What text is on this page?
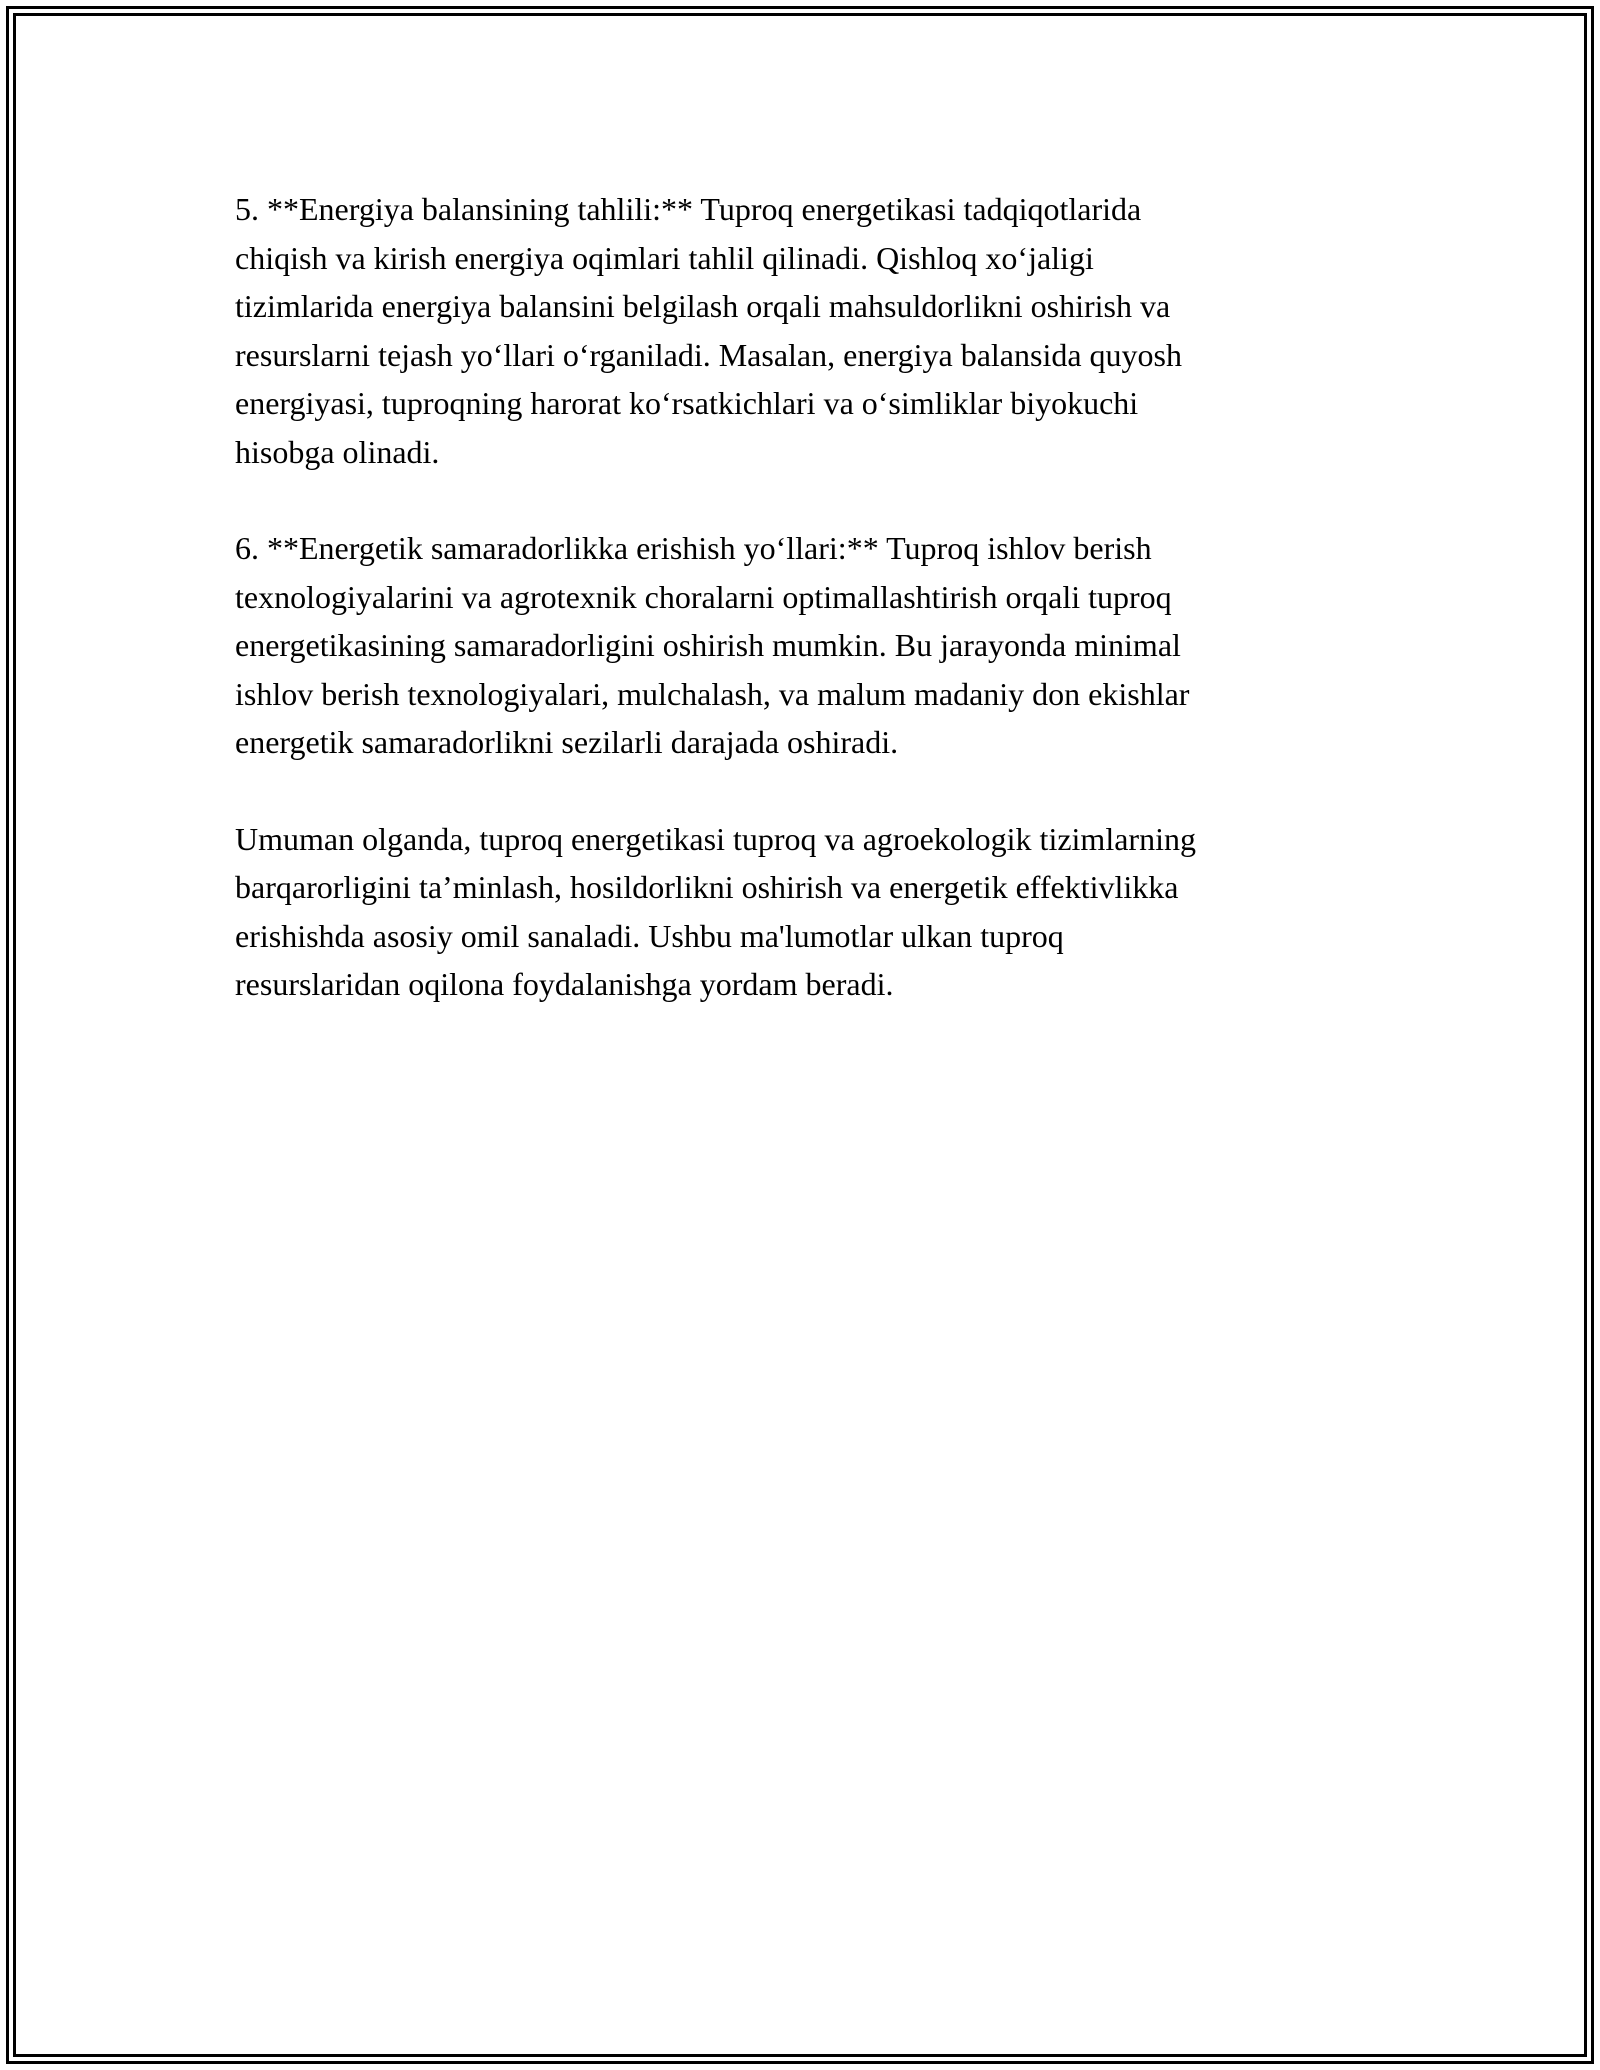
5. **Energiya balansining tahlili:** Tuproq energetikasi tadqiqotlarida
chiqish va kirish energiya oqimlari tahlil qilinadi. Qishloq xo‘jaligi
tizimlarida energiya balansini belgilash orqali mahsuldorlikni oshirish va
resurslarni tejash yo‘llari o‘rganiladi. Masalan, energiya balansida quyosh
energiyasi, tuproqning harorat ko‘rsatkichlari va o‘simliklar biyokuchi
hisobga olinadi.

6. **Energetik samaradorlikka erishish yo‘llari:** Tuproq ishlov berish
texnologiyalarini va agrotexnik choralarni optimallashtirish orqali tuproq
energetikasining samaradorligini oshirish mumkin. Bu jarayonda minimal
ishlov berish texnologiyalari, mulchalash, va malum madaniy don ekishlar
energetik samaradorlikni sezilarli darajada oshiradi.

Umuman olganda, tuproq energetikasi tuproq va agroekologik tizimlarning
barqarorligini ta’minlash, hosildorlikni oshirish va energetik effektivlikka
erishishda asosiy omil sanaladi. Ushbu ma'lumotlar ulkan tuproq
resurslaridan oqilona foydalanishga yordam beradi.
